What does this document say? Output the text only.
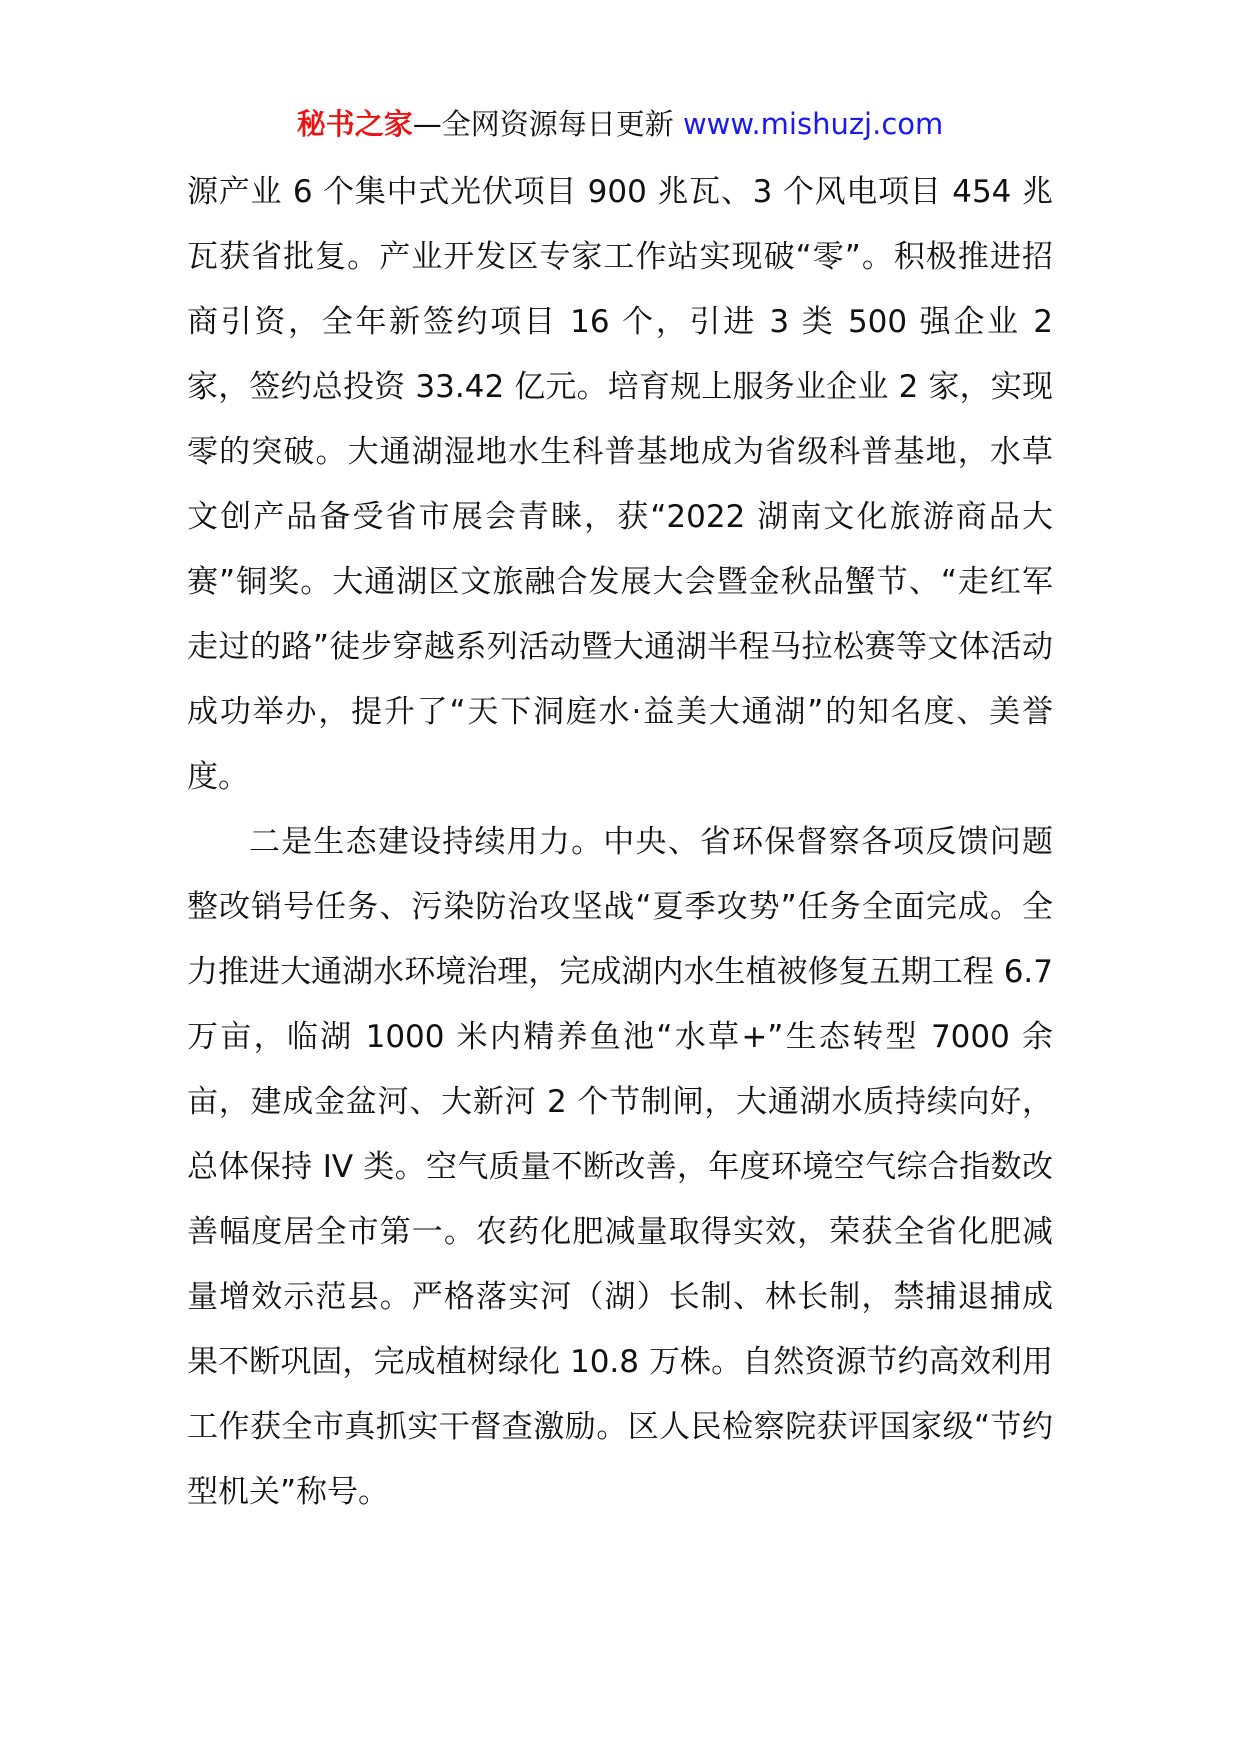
秘书之家—全网资源每日更新 www.mishuzj.com

源产业 6 个集中式光伏项目 900 兆瓦、3 个风电项目 454 兆瓦获省批复。产业开发区专家工作站实现破“零”。积极推进招商引资，全年新签约项目 16 个，引进 3 类 500 强企业 2 家，签约总投资 33.42 亿元。培育规上服务业企业 2 家，实现零的突破。大通湖湿地水生科普基地成为省级科普基地，水草文创产品备受省市展会青睐，获“2022 湖南文化旅游商品大赛”铜奖。大通湖区文旅融合发展大会暨金秋品蟹节、“走红军走过的路”徒步穿越系列活动暨大通湖半程马拉松赛等文体活动成功举办，提升了“天下洞庭水·益美大通湖”的知名度、美誉度。

二是生态建设持续用力。中央、省环保督察各项反馈问题整改销号任务、污染防治攻坚战“夏季攻势”任务全面完成。全力推进大通湖水环境治理，完成湖内水生植被修复五期工程 6.7 万亩，临湖 1000 米内精养鱼池“水草+”生态转型 7000 余亩，建成金盆河、大新河 2 个节制闸，大通湖水质持续向好，总体保持 IV 类。空气质量不断改善，年度环境空气综合指数改善幅度居全市第一。农药化肥减量取得实效，荣获全省化肥减量增效示范县。严格落实河（湖）长制、林长制，禁捕退捕成果不断巩固，完成植树绿化 10.8 万株。自然资源节约高效利用工作获全市真抓实干督查激励。区人民检察院获评国家级“节约型机关”称号。
